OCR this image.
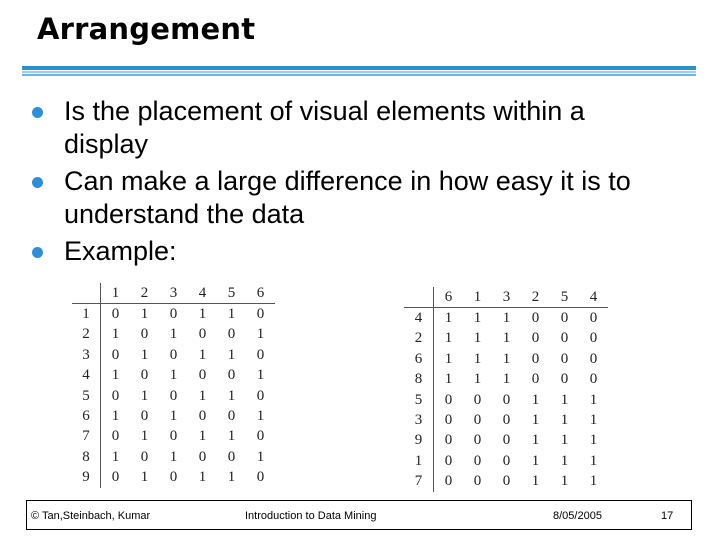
Arrangement
Is the placement of visual elements within a
display
Can make a large difference in how easy it is to
understand the data
Example:
	1	2	3	4	5	6
1	0	1	0	1	1	0
2	1	0	1	0	0	1
3	0	1	0	1	1	0
4	1	0	1	0	0	1
5	0	1	0	1	1	0
6	1	0	1	0	0	1
7	0	1	0	1	1	0
8	1	0	1	0	0	1
9	0	1	0	1	1	0
	6	1	3	2	5	4
4	1	1	1	0	0	0
2	1	1	1	0	0	0
6	1	1	1	0	0	0
8	1	1	1	0	0	0
5	0	0	0	1	1	1
3	0	0	0	1	1	1
9	0	0	0	1	1	1
1	0	0	0	1	1	1
7	0	0	0	1	1	1
© Tan,Steinbach, Kumar	Introduction to Data Mining	8/05/2005	17
